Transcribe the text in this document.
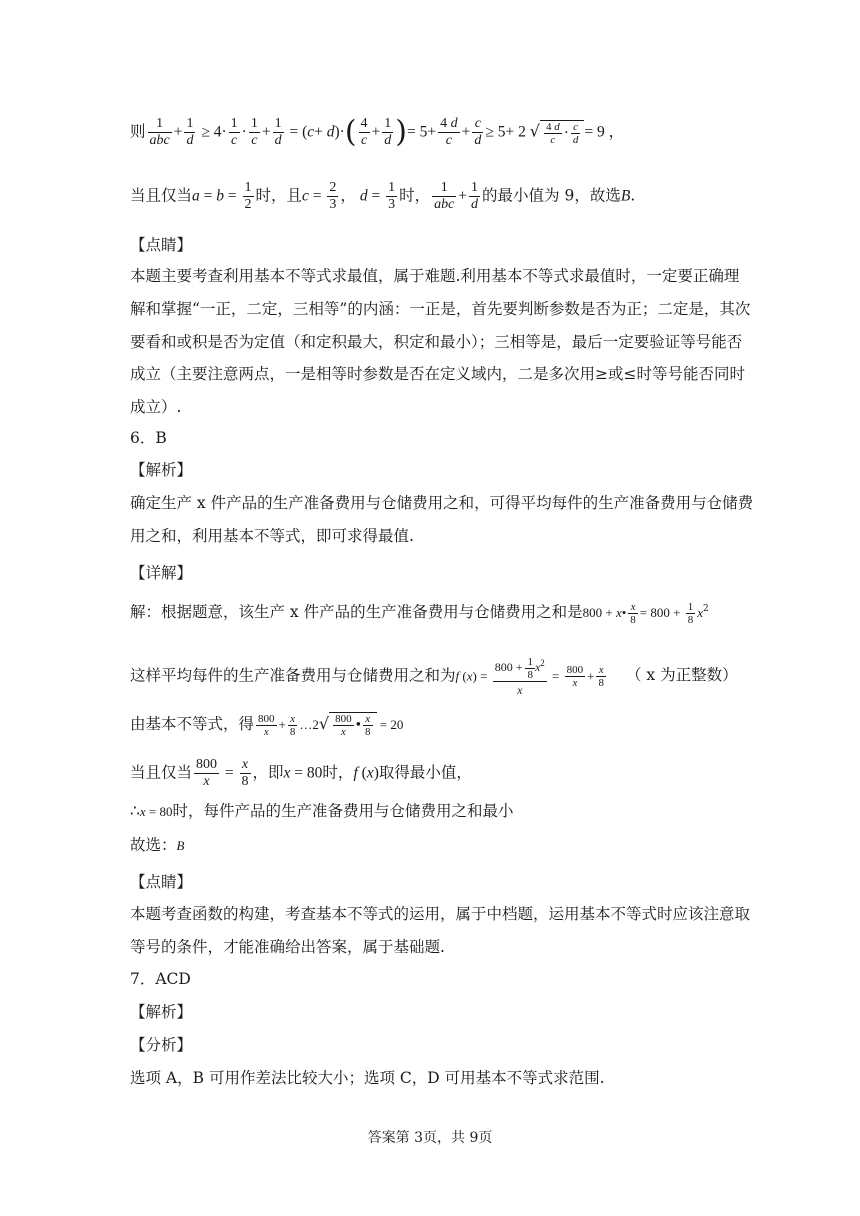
则 $\frac{1}{\text{abc}} + \frac{1}{d} \ge 4\cdot \frac{1}{c} \cdot \frac{1}{c} + \frac{1}{d} = (c+ d)\cdot( \frac{4}{c} + \frac{1}{d}$ )= $5+ \frac{4 d}{c} + \frac{c}{d} \ge 5+ 2$ √ $\frac{4 d}{c} \cdot \frac{c}{d} = 9$ ，
当且仅当$a = b = \frac{1}{2}$ 时，且$c = \frac{2}{3}$ ， $d = \frac{1}{3}$ 时， $\frac{1}{\text{abc}} + \frac{1}{d}$ 的最小值为 9，故选B.
【点睛】
本题主要考查利用基本不等式求最值，属于难题.利用基本不等式求最值时，一定要正确理
解和掌握“一正，二定，三相等”的内涵：一正是，首先要判断参数是否为正；二定是，其次
要看和或积是否为定值（和定积最大，积定和最小）；三相等是，最后一定要验证等号能否
成立（主要注意两点，一是相等时参数是否在定义域内，二是多次用≥或≤时等号能否同时
成立）.
6．B
【解析】
确定生产 x 件产品的生产准备费用与仓储费用之和，可得平均每件的生产准备费用与仓储费
用之和，利用基本不等式，即可求得最值.
【详解】
解：根据题意，该生产 x 件产品的生产准备费用与仓储费用之和是800 + x• $\frac{x}{8} = 800 + \frac{1}{8} x^2$
这样平均每件的生产准备费用与仓储费用之和为f $(x) = \frac{800 + \frac{1}{8} x^2}{x} = \frac{800}{x} + \frac{x}{8}$ （ x 为正整数）
由基本不等式，得 $\frac{800}{x} + \frac{x}{8}$ …2√ $\frac{800}{x}$ • $\frac{x}{8} = 20$
当且仅当 $\frac{800}{x} = \frac{x}{8}$ ，即x = 80时，f (x)取得最小值，
∴x = 80时，每件产品的生产准备费用与仓储费用之和最小
故选：B
【点睛】
本题考查函数的构建，考查基本不等式的运用，属于中档题，运用基本不等式时应该注意取
等号的条件，才能准确给出答案，属于基础题.
7．ACD
【解析】
【分析】
选项 A，B 可用作差法比较大小；选项 C，D 可用基本不等式求范围.
答案第 3页，共 9页
